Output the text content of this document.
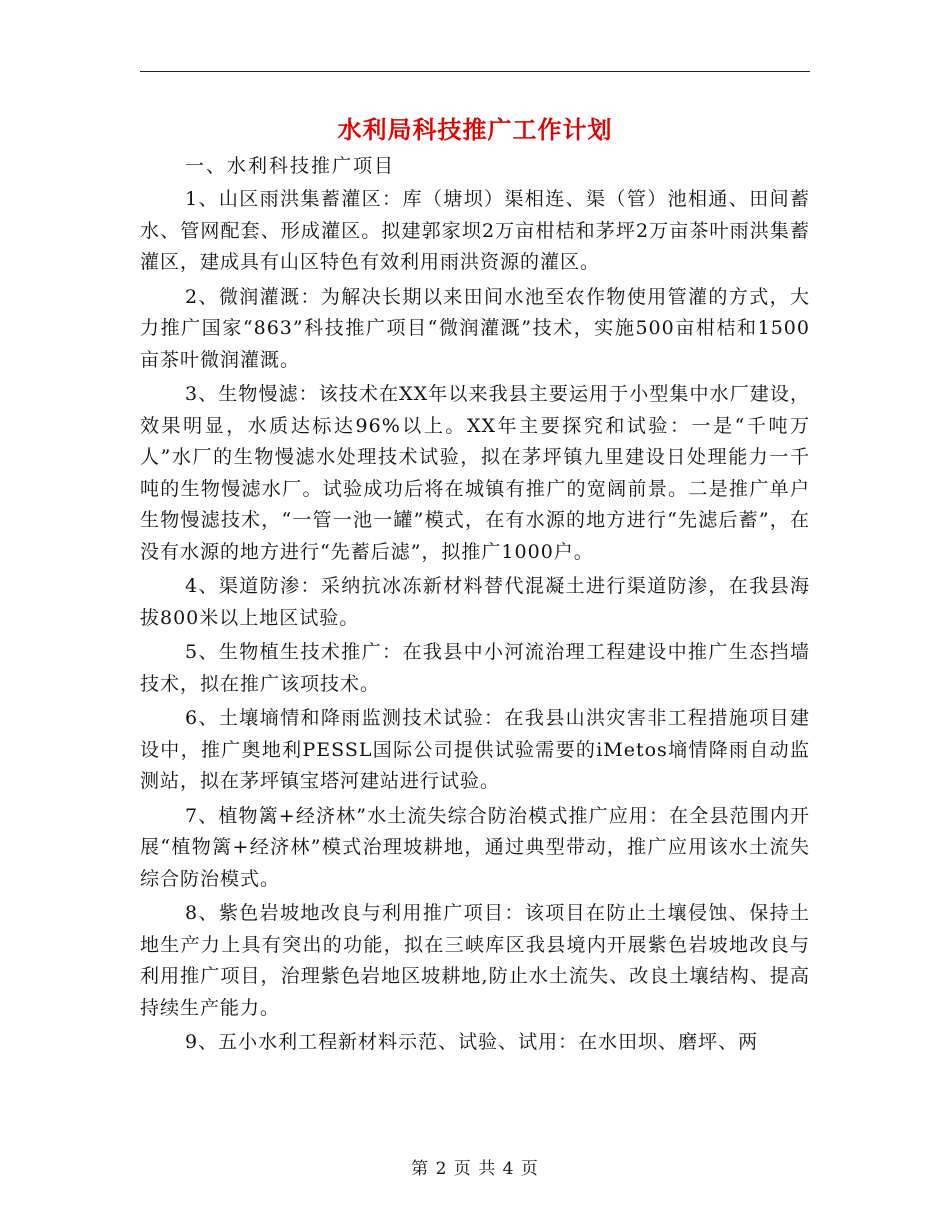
水利局科技推广工作计划
一、水利科技推广项目

1、山区雨洪集蓄灌区：库（塘坝）渠相连、渠（管）池相通、田间蓄水、管网配套、形成灌区。拟建郭家坝2万亩柑桔和茅坪2万亩茶叶雨洪集蓄灌区，建成具有山区特色有效利用雨洪资源的灌区。

2、微润灌溉：为解决长期以来田间水池至农作物使用管灌的方式，大力推广国家“863”科技推广项目“微润灌溉”技术，实施500亩柑桔和1500亩茶叶微润灌溉。

3、生物慢滤：该技术在XX年以来我县主要运用于小型集中水厂建设，效果明显，水质达标达96%以上。XX年主要探究和试验：一是“千吨万人”水厂的生物慢滤水处理技术试验，拟在茅坪镇九里建设日处理能力一千吨的生物慢滤水厂。试验成功后将在城镇有推广的宽阔前景。二是推广单户生物慢滤技术，“一管一池一罐”模式，在有水源的地方进行“先滤后蓄”，在没有水源的地方进行“先蓄后滤”，拟推广1000户。

4、渠道防渗：采纳抗冰冻新材料替代混凝土进行渠道防渗，在我县海拔800米以上地区试验。

5、生物植生技术推广：在我县中小河流治理工程建设中推广生态挡墙技术，拟在推广该项技术。

6、土壤墒情和降雨监测技术试验：在我县山洪灾害非工程措施项目建设中，推广奥地利PESSL国际公司提供试验需要的iMetos墒情降雨自动监测站，拟在茅坪镇宝塔河建站进行试验。

7、植物篱+经济林”水土流失综合防治模式推广应用：在全县范围内开展“植物篱+经济林”模式治理坡耕地，通过典型带动，推广应用该水土流失综合防治模式。

8、紫色岩坡地改良与利用推广项目：该项目在防止土壤侵蚀、保持土地生产力上具有突出的功能，拟在三峡库区我县境内开展紫色岩坡地改良与利用推广项目，治理紫色岩地区坡耕地,防止水土流失、改良土壤结构、提高持续生产能力。

9、五小水利工程新材料示范、试验、试用：在水田坝、磨坪、两

第 2 页 共 4 页
